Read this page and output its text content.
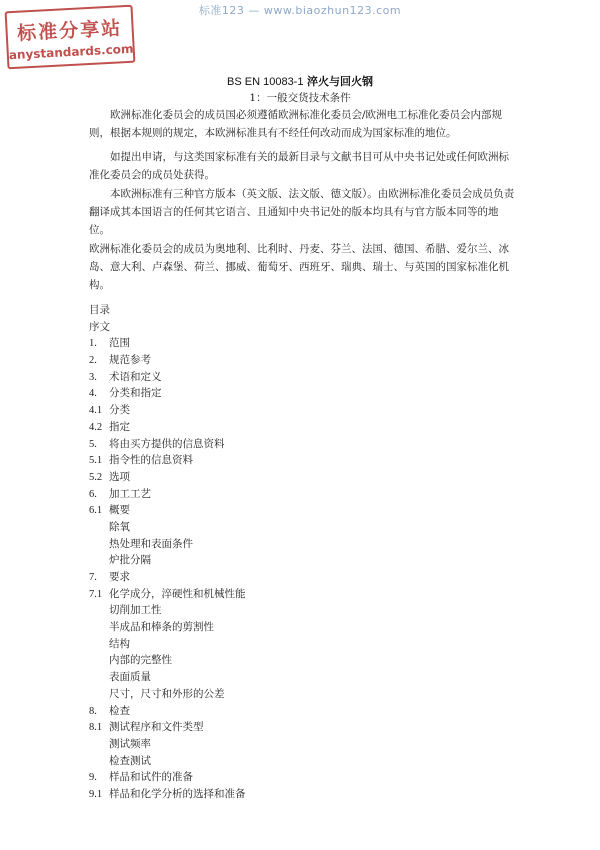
标准123 — www.biaozhun123.com
标准分享站
anystandards.com
BS EN 10083-1 淬火与回火钢
1：一般交货技术条件

欧洲标准化委员会的成员国必须遵循欧洲标准化委员会/欧洲电工标准化委员会内部规则，根据本规则的规定，本欧洲标准具有不经任何改动而成为国家标准的地位。

如提出申请，与这类国家标准有关的最新目录与文献书目可从中央书记处或任何欧洲标准化委员会的成员处获得。

本欧洲标准有三种官方版本（英文版、法文版、德文版）。由欧洲标准化委员会成员负责翻译成其本国语言的任何其它语言、且通知中央书记处的版本均具有与官方版本同等的地位。

欧洲标准化委员会的成员为奥地利、比利时、丹麦、芬兰、法国、德国、希腊、爱尔兰、冰岛、意大利、卢森堡、荷兰、挪威、葡萄牙、西班牙、瑞典、瑞士、与英国的国家标准化机构。

目录
序文
1. 范围
2. 规范参考
3. 术语和定义
4. 分类和指定
4.1 分类
4.2 指定
5. 将由买方提供的信息资料
5.1 指令性的信息资料
5.2 选项
6. 加工工艺
6.1 概要
除氧
热处理和表面条件
炉批分隔
7. 要求
7.1 化学成分，淬硬性和机械性能
切削加工性
半成品和棒条的剪割性
结构
内部的完整性
表面质量
尺寸，尺寸和外形的公差
8. 检查
8.1 测试程序和文件类型
测试频率
检查测试
9. 样品和试件的准备
9.1 样品和化学分析的选择和准备
